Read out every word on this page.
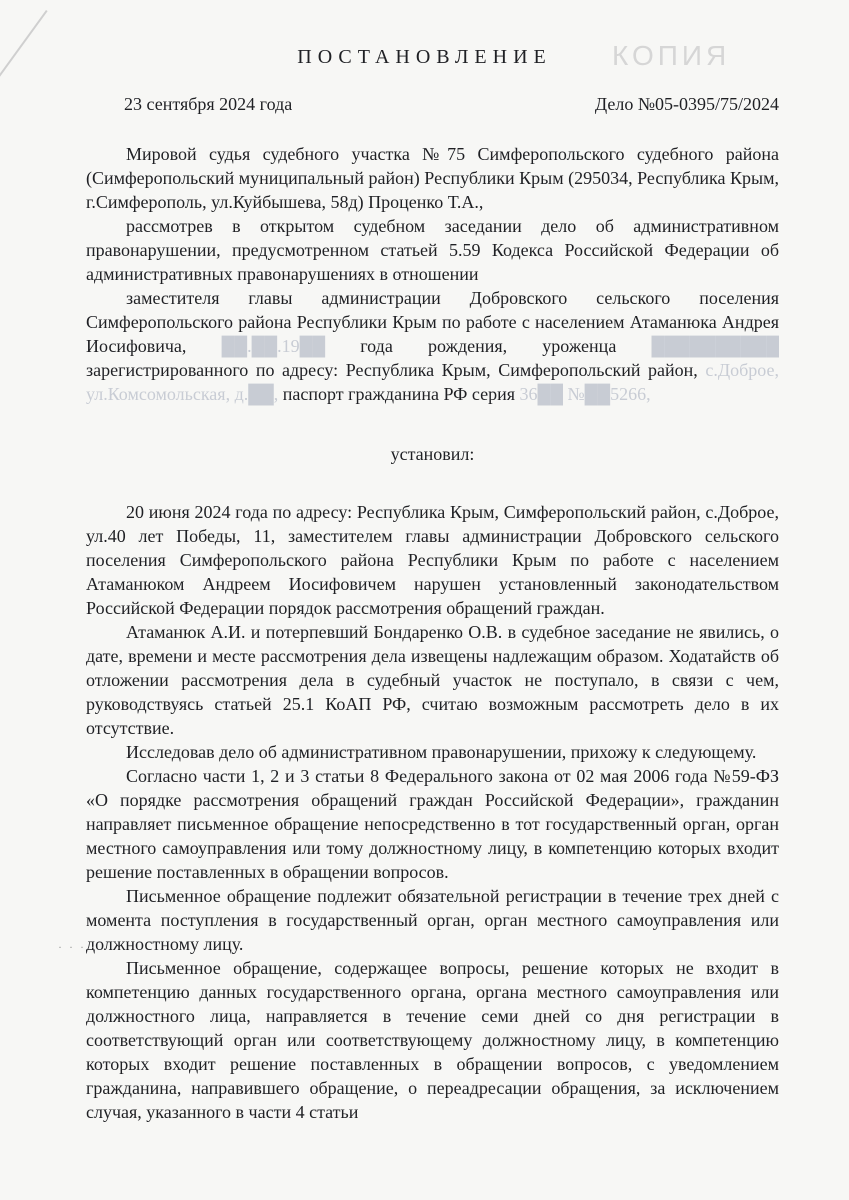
ПОСТАНОВЛЕНИЕ	КОПИЯ
23 сентября 2024 года	Дело №05-0395/75/2024

Мировой судья судебного участка №75 Симферопольского судебного района (Симферопольский муниципальный район) Республики Крым (295034, Республика Крым, г.Симферополь, ул.Куйбышева, 58д) Проценко Т.А.,

рассмотрев в открытом судебном заседании дело об административном правонарушении, предусмотренном статьей 5.59 Кодекса Российской Федерации об административных правонарушениях в отношении

заместителя главы администрации Добровского сельского поселения Симферопольского района Республики Крым по работе с населением Атаманюка Андрея Иосифовича, ██.██.19██ года рождения, уроженца ██████████ зарегистрированного по адресу: Республика Крым, Симферопольский район, с.Доброе, ул.Комсомольская, д.██, паспорт гражданина РФ серия 36██ №██5266,

установил:

20 июня 2024 года по адресу: Республика Крым, Симферопольский район, с.Доброе, ул.40 лет Победы, 11, заместителем главы администрации Добровского сельского поселения Симферопольского района Республики Крым по работе с населением Атаманюком Андреем Иосифовичем нарушен установленный законодательством Российской Федерации порядок рассмотрения обращений граждан.

Атаманюк А.И. и потерпевший Бондаренко О.В. в судебное заседание не явились, о дате, времени и месте рассмотрения дела извещены надлежащим образом. Ходатайств об отложении рассмотрения дела в судебный участок не поступало, в связи с чем, руководствуясь статьей 25.1 КоАП РФ, считаю возможным рассмотреть дело в их отсутствие.

Исследовав дело об административном правонарушении, прихожу к следующему.

Согласно части 1, 2 и 3 статьи 8 Федерального закона от 02 мая 2006 года №59-ФЗ «О порядке рассмотрения обращений граждан Российской Федерации», гражданин направляет письменное обращение непосредственно в тот государственный орган, орган местного самоуправления или тому должностному лицу, в компетенцию которых входит решение поставленных в обращении вопросов.

Письменное обращение подлежит обязательной регистрации в течение трех дней с момента поступления в государственный орган, орган местного самоуправления или должностному лицу.

Письменное обращение, содержащее вопросы, решение которых не входит в компетенцию данных государственного органа, органа местного самоуправления или должностного лица, направляется в течение семи дней со дня регистрации в соответствующий орган или соответствующему должностному лицу, в компетенцию которых входит решение поставленных в обращении вопросов, с уведомлением гражданина, направившего обращение, о переадресации обращения, за исключением случая, указанного в части 4 статьи

· · · ·
